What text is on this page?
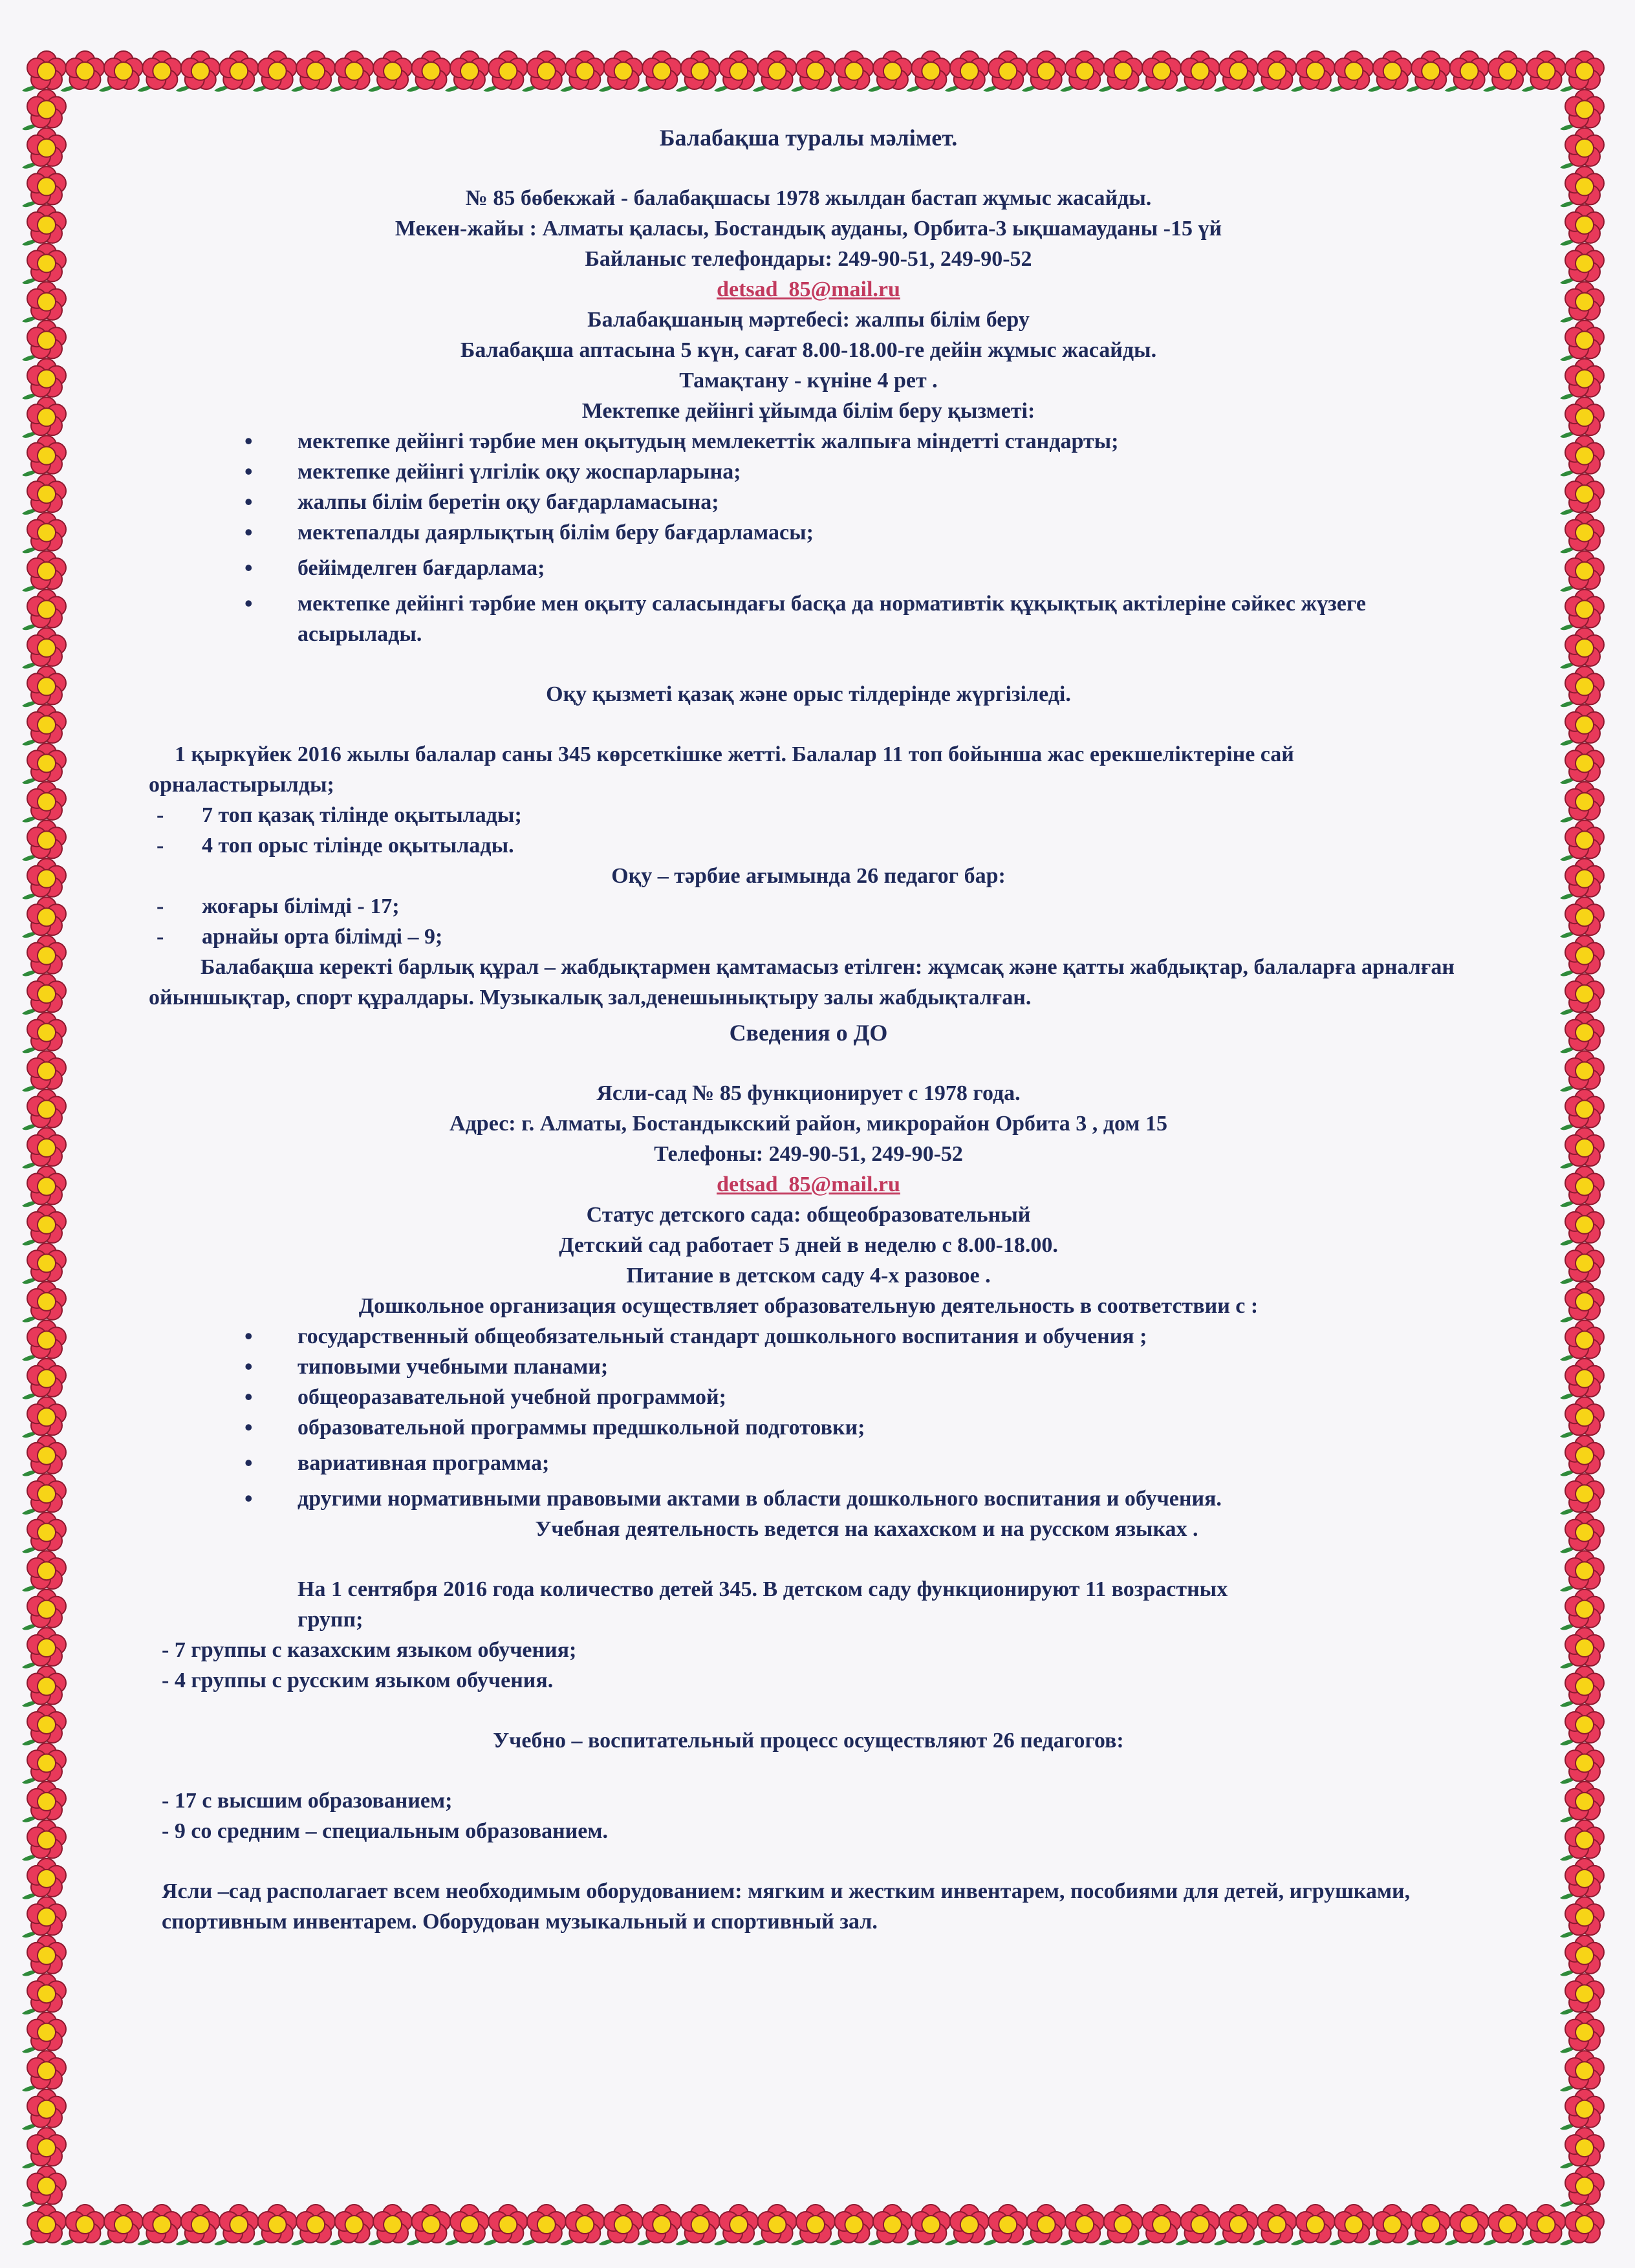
Балабақша туралы мәлімет.
№ 85 бөбекжай - балабақшасы 1978 жылдан бастап жұмыс жасайды.
Мекен-жайы : Алматы қаласы, Бостандық ауданы, Орбита-3 ықшамауданы -15 үй
Байланыс телефондары: 249-90-51, 249-90-52
detsad_85@mail.ru
Балабақшаның мәртебесі: жалпы білім беру
Балабақша аптасына 5 күн, сағат 8.00-18.00-ге дейін жұмыс жасайды.
Тамақтану - күніне 4 рет .
Мектепке дейінгі ұйымда білім беру қызметі:
• мектепке дейінгі тәрбие мен оқытудың мемлекеттік жалпыға міндетті стандарты;
• мектепке дейінгі үлгілік оқу жоспарларына;
• жалпы білім беретін оқу бағдарламасына;
• мектепалды даярлықтың білім беру бағдарламасы;
• бейімделген бағдарлама;
• мектепке дейінгі тәрбие мен оқыту саласындағы басқа да нормативтік құқықтық актілеріне сәйкес жүзеге асырылады.
Оқу қызметі қазақ және орыс тілдерінде жүргізіледі.
1 қыркүйек 2016 жылы балалар саны 345 көрсеткішке жетті. Балалар 11 топ бойынша жас ерекшеліктеріне сай орналастырылды;
- 7 топ қазақ тілінде оқытылады;
- 4 топ орыс тілінде оқытылады.
Оқу – тәрбие ағымында 26 педагог бар:
- жоғары білімді - 17;
- арнайы орта білімді – 9;
Балабақша керекті барлық құрал – жабдықтармен қамтамасыз етілген: жұмсақ және қатты жабдықтар, балаларға арналған ойыншықтар, спорт құралдары. Музыкалық зал,денешынықтыру залы жабдықталған.
Сведения о ДО
Ясли-сад № 85 функционирует с 1978 года.
Адрес: г. Алматы, Бостандыкский район, микрорайон Орбита 3 , дом 15
Телефоны: 249-90-51, 249-90-52
detsad_85@mail.ru
Статус детского сада: общеобразовательный
Детский сад работает 5 дней в неделю с 8.00-18.00.
Питание в детском саду 4-х разовое .
Дошкольное организация осуществляет образовательную деятельность в соответствии с :
• государственный общеобязательный стандарт дошкольного воспитания и обучения ;
• типовыми учебными планами;
• общеоразавательной учебной программой;
• образовательной программы предшкольной подготовки;
• вариативная программа;
• другими нормативными правовыми актами в области дошкольного воспитания и обучения.
Учебная деятельность ведется на кахахском и на русском языках .
На 1 сентября 2016 года количество детей 345. В детском саду функционируют 11 возрастных групп;
- 7 группы с казахским языком обучения;
- 4 группы с русским языком обучения.
Учебно – воспитательный процесс осуществляют 26 педагогов:
- 17 с высшим образованием;
- 9 со средним – специальным образованием.
Ясли –сад располагает всем необходимым оборудованием: мягким и жестким инвентарем, пособиями для детей, игрушками, спортивным инвентарем. Оборудован музыкальный и спортивный зал.
